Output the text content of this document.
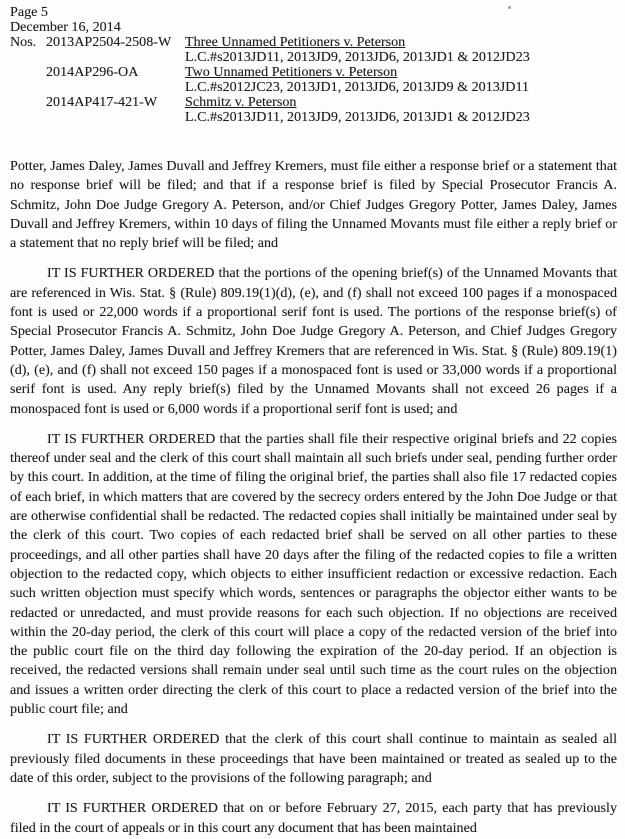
Page 5
December 16, 2014
Nos. 2013AP2504-2508-W Three Unnamed Petitioners v. Peterson
L.C.#s2013JD11, 2013JD9, 2013JD6, 2013JD1 & 2012JD23
2014AP296-OA	Two Unnamed Petitioners v. Peterson
L.C.#s2012JC23, 2013JD1, 2013JD6, 2013JD9 & 2013JD11
2014AP417-421-W	Schmitz v. Peterson
L.C.#s2013JD11, 2013JD9, 2013JD6, 2013JD1 & 2012JD23

Potter, James Daley, James Duvall and Jeffrey Kremers, must file either a response brief or a statement that no response brief will be filed; and that if a response brief is filed by Special Prosecutor Francis A. Schmitz, John Doe Judge Gregory A. Peterson, and/or Chief Judges Gregory Potter, James Daley, James Duvall and Jeffrey Kremers, within 10 days of filing the Unnamed Movants must file either a reply brief or a statement that no reply brief will be filed; and

IT IS FURTHER ORDERED that the portions of the opening brief(s) of the Unnamed Movants that are referenced in Wis. Stat. § (Rule) 809.19(1)(d), (e), and (f) shall not exceed 100 pages if a monospaced font is used or 22,000 words if a proportional serif font is used. The portions of the response brief(s) of Special Prosecutor Francis A. Schmitz, John Doe Judge Gregory A. Peterson, and Chief Judges Gregory Potter, James Daley, James Duvall and Jeffrey Kremers that are referenced in Wis. Stat. § (Rule) 809.19(1)(d), (e), and (f) shall not exceed 150 pages if a monospaced font is used or 33,000 words if a proportional serif font is used. Any reply brief(s) filed by the Unnamed Movants shall not exceed 26 pages if a monospaced font is used or 6,000 words if a proportional serif font is used; and

IT IS FURTHER ORDERED that the parties shall file their respective original briefs and 22 copies thereof under seal and the clerk of this court shall maintain all such briefs under seal, pending further order by this court. In addition, at the time of filing the original brief, the parties shall also file 17 redacted copies of each brief, in which matters that are covered by the secrecy orders entered by the John Doe Judge or that are otherwise confidential shall be redacted. The redacted copies shall initially be maintained under seal by the clerk of this court. Two copies of each redacted brief shall be served on all other parties to these proceedings, and all other parties shall have 20 days after the filing of the redacted copies to file a written objection to the redacted copy, which objects to either insufficient redaction or excessive redaction. Each such written objection must specify which words, sentences or paragraphs the objector either wants to be redacted or unredacted, and must provide reasons for each such objection. If no objections are received within the 20-day period, the clerk of this court will place a copy of the redacted version of the brief into the public court file on the third day following the expiration of the 20-day period. If an objection is received, the redacted versions shall remain under seal until such time as the court rules on the objection and issues a written order directing the clerk of this court to place a redacted version of the brief into the public court file; and

IT IS FURTHER ORDERED that the clerk of this court shall continue to maintain as sealed all previously filed documents in these proceedings that have been maintained or treated as sealed up to the date of this order, subject to the provisions of the following paragraph; and

IT IS FURTHER ORDERED that on or before February 27, 2015, each party that has previously filed in the court of appeals or in this court any document that has been maintained
